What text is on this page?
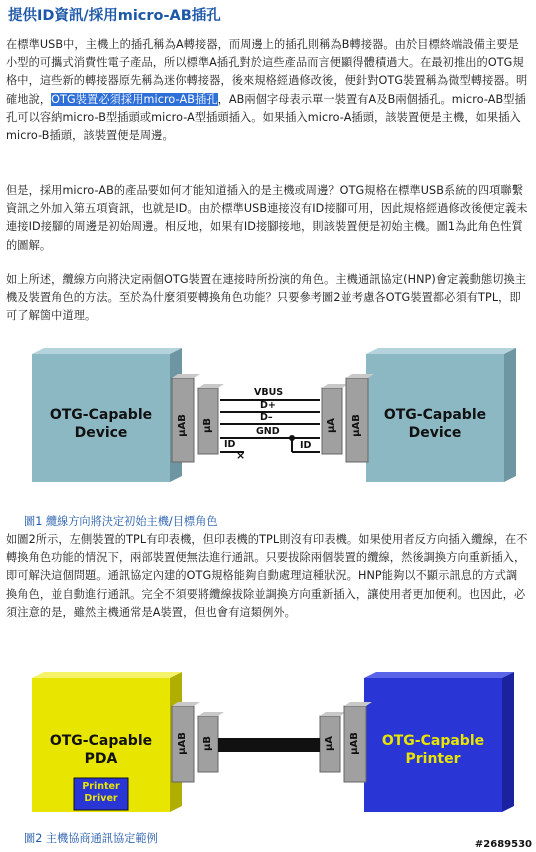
提供ID資訊/採用micro-AB插孔
在標準USB中，主機上的插孔稱為A轉接器，而周邊上的插孔則稱為B轉接器。由於目標終端設備主要是小型的可攜式消費性電子產品，所以標準A插孔對於這些產品而言便顯得體積過大。在最初推出的OTG規格中，這些新的轉接器原先稱為迷你轉接器，後來規格經過修改後，便針對OTG裝置稱為微型轉接器。明確地說，OTG裝置必須採用micro-AB插孔，AB兩個字母表示單一裝置有A及B兩個插孔。micro-AB型插孔可以容納micro-B型插頭或micro-A型插頭插入。如果插入micro-A插頭，該裝置便是主機，如果插入micro-B插頭，該裝置便是周邊。
但是，採用micro-AB的產品要如何才能知道插入的是主機或周邊？OTG規格在標準USB系統的四項聯繫資訊之外加入第五項資訊，也就是ID。由於標準USB連接沒有ID接腳可用，因此規格經過修改後便定義未連接ID接腳的周邊是初始周邊。相反地，如果有ID接腳接地，則該裝置便是初始主機。圖1為此角色性質的圖解。
如上所述，纜線方向將決定兩個OTG裝置在連接時所扮演的角色。主機通訊協定(HNP)會定義動態切換主機及裝置角色的方法。至於為什麼須要轉換角色功能？只要參考圖2並考慮各OTG裝置都必須有TPL，即可了解箇中道理。
×
OTG-Capable
Device
OTG-Capable
Device
μAB μB	μA μAB
VBUS
D+
D–
GND
ID	ID
圖1 纜線方向將決定初始主機/目標角色
如圖2所示，左側裝置的TPL有印表機，但印表機的TPL則沒有印表機。如果使用者反方向插入纜線，在不轉換角色功能的情況下，兩部裝置便無法進行通訊。只要拔除兩個裝置的纜線，然後調換方向重新插入，即可解決這個問題。通訊協定內建的OTG規格能夠自動處理這種狀況。HNP能夠以不顯示訊息的方式調換角色，並自動進行通訊。完全不須要將纜線拔除並調換方向重新插入，讓使用者更加便利。也因此，必須注意的是，雖然主機通常是A裝置，但也會有這類例外。
OTG-Capable
PDA
Printer
Driver
OTG-Capable
Printer
μAB μB	μA μAB
圖2 主機協商通訊協定範例	#2689530
